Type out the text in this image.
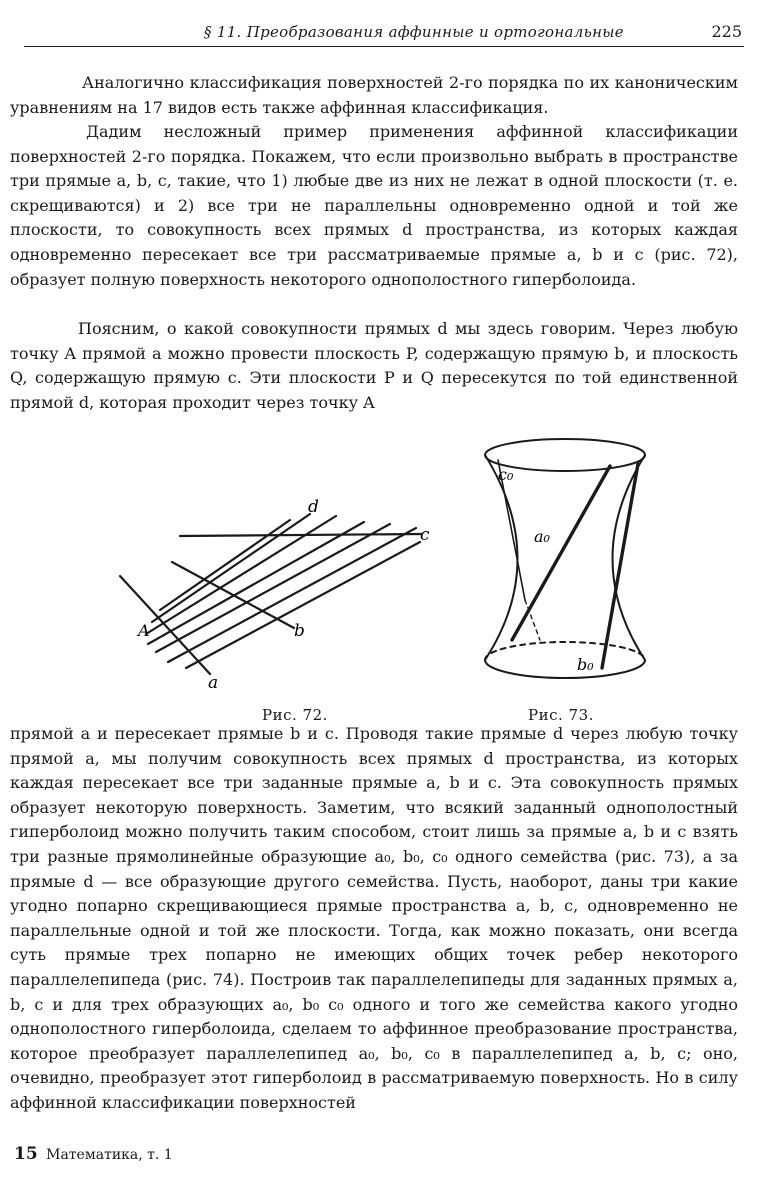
§ 11. Преобразования аффинные и ортогональные	225

Аналогично классификация поверхностей 2-го порядка по их каноническим уравнениям на 17 видов есть также аффинная классификация.

Дадим несложный пример применения аффинной классификации поверхностей 2-го порядка. Покажем, что если произвольно выбрать в пространстве три прямые a, b, c, такие, что 1) любые две из них не лежат в одной плоскости (т. е. скрещиваются) и 2) все три не параллельны одновременно одной и той же плоскости, то совокупность всех прямых d пространства, из которых каждая одновременно пересекает все три рассматриваемые прямые a, b и c (рис. 72), образует полную поверхность некоторого однополостного гиперболоида.

Поясним, о какой совокупности прямых d мы здесь говорим. Через любую точку A прямой a можно провести плоскость P, содержащую прямую b, и плоскость Q, содержащую прямую c. Эти плоскости P и Q пересекутся по той единственной прямой d, которая проходит через точку A

d
c
b
a
A
c₀
a₀
b₀
Рис. 72.	Рис. 73.

прямой a и пересекает прямые b и c. Проводя такие прямые d через любую точку прямой a, мы получим совокупность всех прямых d пространства, из которых каждая пересекает все три заданные прямые a, b и c. Эта совокупность прямых образует некоторую поверхность. Заметим, что всякий заданный однополостный гиперболоид можно получить таким способом, стоит лишь за прямые a, b и c взять три разные прямолинейные образующие a₀, b₀, c₀ одного семейства (рис. 73), а за прямые d — все образующие другого семейства. Пусть, наоборот, даны три какие угодно попарно скрещивающиеся прямые пространства a, b, c, одновременно не параллельные одной и той же плоскости. Тогда, как можно показать, они всегда суть прямые трех попарно не имеющих общих точек ребер некоторого параллелепипеда (рис. 74). Построив так параллелепипеды для заданных прямых a, b, c и для трех образующих a₀, b₀ c₀ одного и того же семейства какого угодно однополостного гиперболоида, сделаем то аффинное преобразование пространства, которое преобразует параллелепипед a₀, b₀, c₀ в параллелепипед a, b, c; оно, очевидно, преобразует этот гиперболоид в рассматриваемую поверхность. Но в силу аффинной классификации поверхностей

15 Математика, т. 1
